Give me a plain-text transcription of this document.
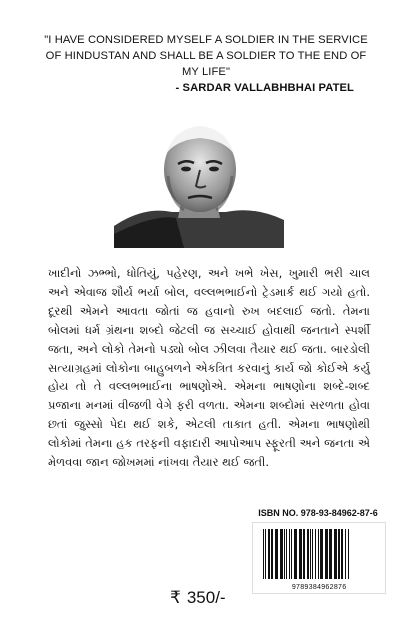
"I HAVE CONSIDERED MYSELF A SOLDIER IN THE SERVICE OF HINDUSTAN AND SHALL BE A SOLDIER TO THE END OF MY LIFE"
- SARDAR VALLABHBHAI PATEL
ખાદીનો ઝભ્ભો, ધોતિયું, પહેરણ, અને ખભે ખેસ, ખુમારી ભરી ચાલ અને એવાજ શૌર્ય ભર્યા બોલ, વલ્લભભાઈનો ટ્રેડમાર્ક થઈ ગયો હતો. દૂરથી એમને આવતા જોતાં જ હવાનો રુખ બદલાઈ જતો. તેમના બોલમાં ધર્મ ગ્રંથના શબ્દો જેટલી જ સચ્ચાઈ હોવાથી જનતાને સ્પર્શી જતા, અને લોકો તેમનો પડ્યો બોલ ઝીલવા તૈયાર થઈ જતા. બારડોલી સત્યાગ્રહમાં લોકોના બાહુબળને એકત્રિત કરવાનું કાર્ય જો કોઈએ કર્યુ હોય તો તે વલ્લભભાઈના ભાષણોએ. એમના ભાષણોના શબ્દે-શબ્દ પ્રજાના મનમાં વીજળી વેગે ફરી વળતા. એમના શબ્દોમાં સરળતા હોવા છતાં જુસ્સો પેદા થઈ શકે, એટલી તાકાત હતી. એમના ભાષણોથી લોકોમાં તેમના હક તરફની વફાદારી આપોઆપ સ્ફૂરતી અને જનતા એ મેળવવા જાન જોખમમાં નાંખવા તૈયાર થઈ જતી.
ISBN NO. 978-93-84962-87-6
9789384962876
₹ 350/-
